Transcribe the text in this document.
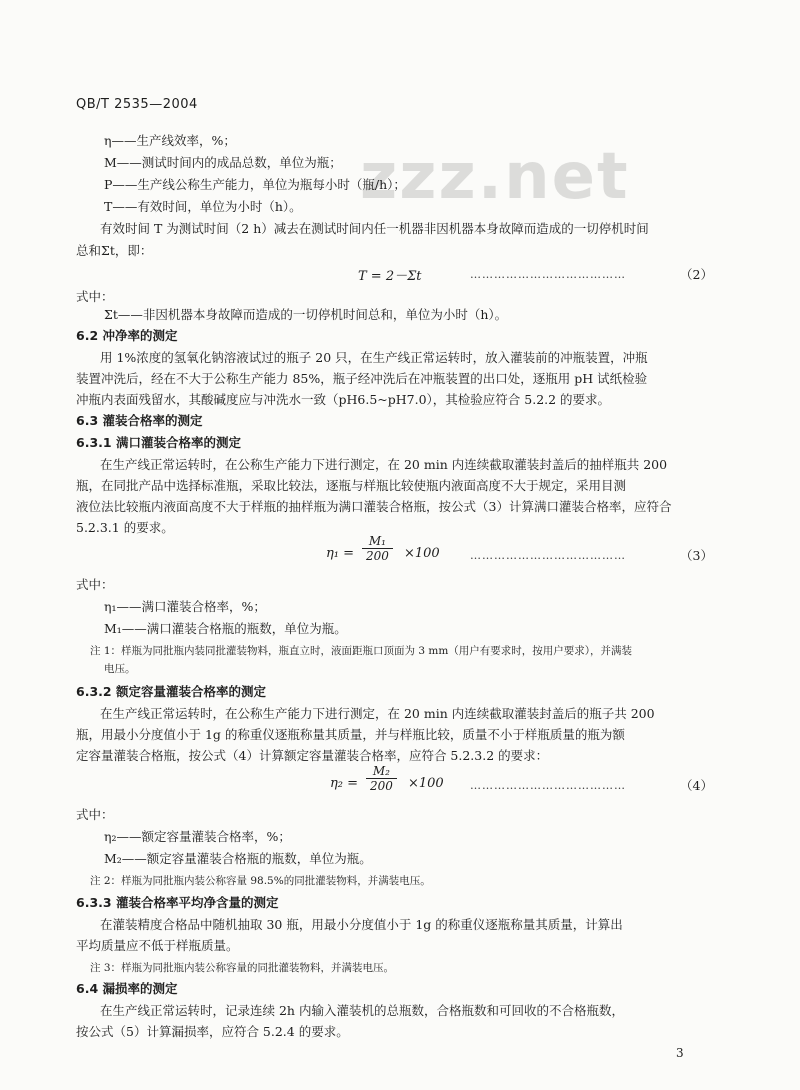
zzz.net
QB/T 2535—2004
η——生产线效率，%；
M——测试时间内的成品总数，单位为瓶；
P——生产线公称生产能力，单位为瓶每小时（瓶/h）；
T——有效时间，单位为小时（h）。
有效时间 T 为测试时间（2 h）减去在测试时间内任一机器非因机器本身故障而造成的一切停机时间
总和Σt，即：
T = 2－Σt	…………………………………	（2）
式中：
Σt——非因机器本身故障而造成的一切停机时间总和，单位为小时（h）。
6.2 冲净率的测定
用 1%浓度的氢氧化钠溶液试过的瓶子 20 只，在生产线正常运转时，放入灌装前的冲瓶装置，冲瓶
装置冲洗后，经在不大于公称生产能力 85%，瓶子经冲洗后在冲瓶装置的出口处，逐瓶用 pH 试纸检验
冲瓶内表面残留水，其酸碱度应与冲洗水一致（pH6.5~pH7.0），其检验应符合 5.2.2 的要求。
6.3 灌装合格率的测定
6.3.1 满口灌装合格率的测定
在生产线正常运转时，在公称生产能力下进行测定，在 20 min 内连续截取灌装封盖后的抽样瓶共 200
瓶，在同批产品中选择标准瓶，采取比较法，逐瓶与样瓶比较使瓶内液面高度不大于规定，采用目测
液位法比较瓶内液面高度不大于样瓶的抽样瓶为满口灌装合格瓶，按公式（3）计算满口灌装合格率，应符合
5.2.3.1 的要求。
$\eta_1 = \frac{\text{M₁}}{200} \times 100$	…………………………………	（3）
式中：
η₁——满口灌装合格率，%；
M₁——满口灌装合格瓶的瓶数，单位为瓶。
注 1：样瓶为同批瓶内装同批灌装物料，瓶直立时，液面距瓶口顶面为 3 mm（用户有要求时，按用户要求），并满装
电压。
6.3.2 额定容量灌装合格率的测定
在生产线正常运转时，在公称生产能力下进行测定，在 20 min 内连续截取灌装封盖后的瓶子共 200
瓶，用最小分度值小于 1g 的称重仪逐瓶称量其质量，并与样瓶比较，质量不小于样瓶质量的瓶为额
定容量灌装合格瓶，按公式（4）计算额定容量灌装合格率，应符合 5.2.3.2 的要求：
$\eta_2 = \frac{\text{M₂}}{200} \times 100$ …………………………………	（4）
式中：
η₂——额定容量灌装合格率，%；
M₂——额定容量灌装合格瓶的瓶数，单位为瓶。
注 2：样瓶为同批瓶内装公称容量 98.5%的同批灌装物料，并满装电压。
6.3.3 灌装合格率平均净含量的测定
在灌装精度合格品中随机抽取 30 瓶，用最小分度值小于 1g 的称重仪逐瓶称量其质量，计算出
平均质量应不低于样瓶质量。
注 3：样瓶为同批瓶内装公称容量的同批灌装物料，并满装电压。
6.4 漏损率的测定
在生产线正常运转时，记录连续 2h 内输入灌装机的总瓶数，合格瓶数和可回收的不合格瓶数，
按公式（5）计算漏损率，应符合 5.2.4 的要求。
3
